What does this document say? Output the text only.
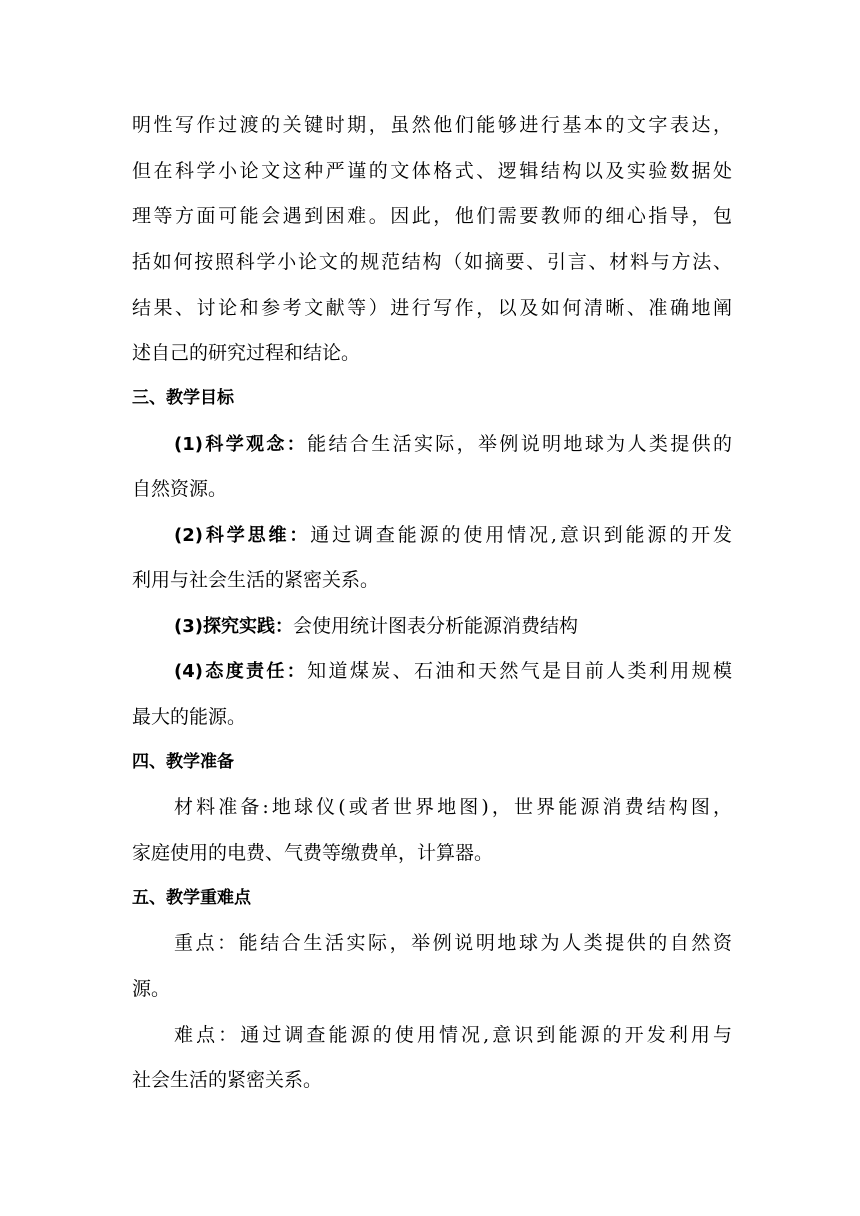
明性写作过渡的关键时期，虽然他们能够进行基本的文字表达，
但在科学小论文这种严谨的文体格式、逻辑结构以及实验数据处
理等方面可能会遇到困难。因此，他们需要教师的细心指导，包
括如何按照科学小论文的规范结构（如摘要、引言、材料与方法、
结果、讨论和参考文献等）进行写作，以及如何清晰、准确地阐
述自己的研究过程和结论。
三、教学目标
(1)科学观念：能结合生活实际，举例说明地球为人类提供的
自然资源。
(2)科学思维：通过调查能源的使用情况,意识到能源的开发
利用与社会生活的紧密关系。
(3)探究实践：会使用统计图表分析能源消费结构
(4)态度责任：知道煤炭、石油和天然气是目前人类利用规模
最大的能源。
四、教学准备
材料准备:地球仪(或者世界地图)，世界能源消费结构图，
家庭使用的电费、气费等缴费单，计算器。
五、教学重难点
重点：能结合生活实际，举例说明地球为人类提供的自然资
源。
难点：通过调查能源的使用情况,意识到能源的开发利用与
社会生活的紧密关系。
